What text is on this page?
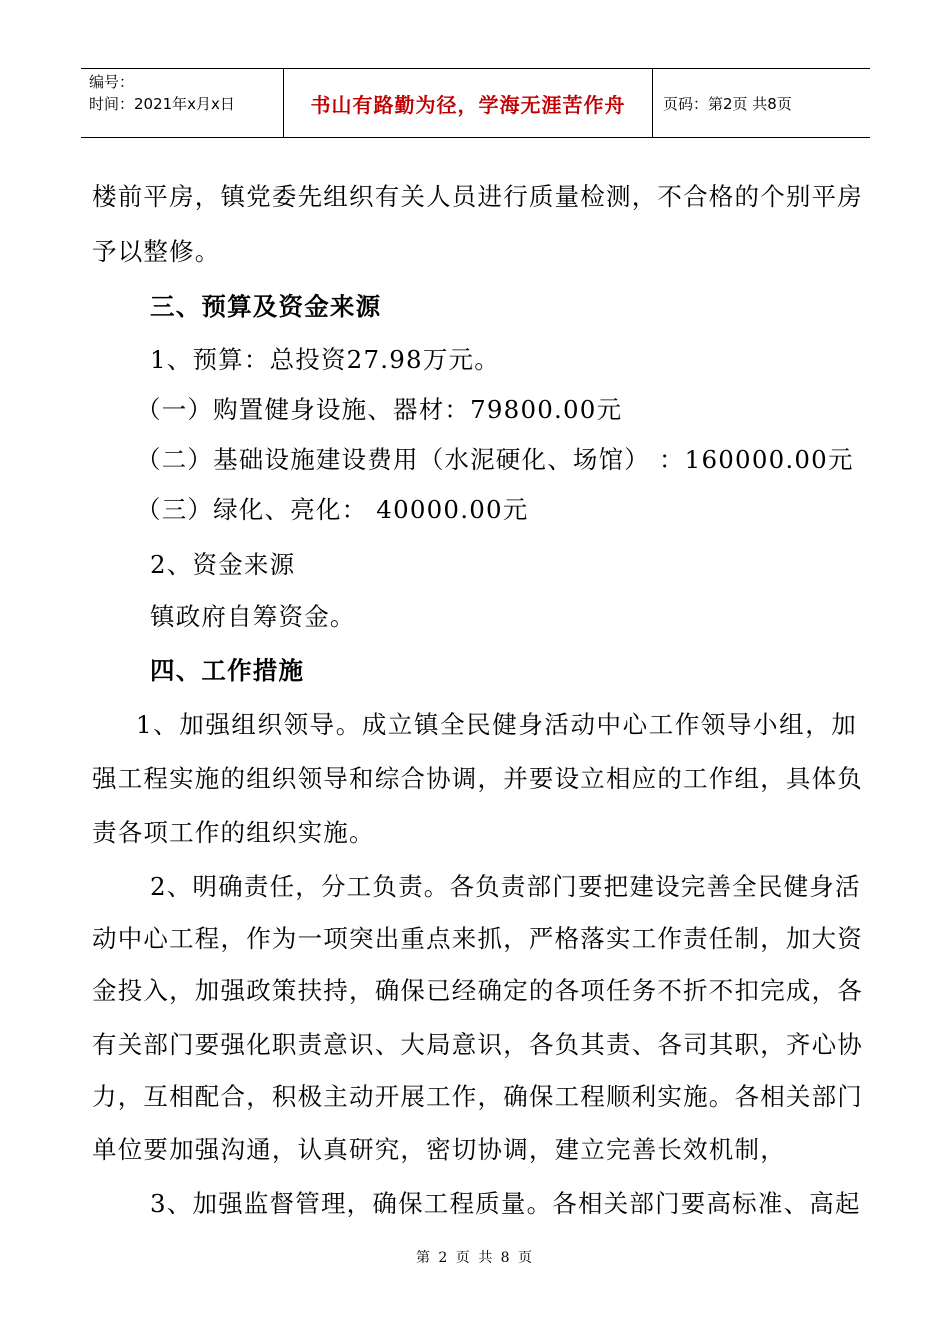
编号：
时间：2021年x月x日	书山有路勤为径，学海无涯苦作舟	页码：第2页 共8页
楼前平房，镇党委先组织有关人员进行质量检测，不合格的个别平房
予以整修。
三、预算及资金来源
1、预算：总投资27.98万元。
（一）购置健身设施、器材：79800.00元
（二）基础设施建设费用（水泥硬化、场馆） ：160000.00元
（三）绿化、亮化： 40000.00元
2、资金来源
镇政府自筹资金。
四、工作措施
1、加强组织领导。成立镇全民健身活动中心工作领导小组，加
强工程实施的组织领导和综合协调，并要设立相应的工作组，具体负
责各项工作的组织实施。
2、明确责任，分工负责。各负责部门要把建设完善全民健身活
动中心工程，作为一项突出重点来抓，严格落实工作责任制，加大资
金投入，加强政策扶持，确保已经确定的各项任务不折不扣完成，各
有关部门要强化职责意识、大局意识，各负其责、各司其职，齐心协
力，互相配合，积极主动开展工作，确保工程顺利实施。各相关部门
单位要加强沟通，认真研究，密切协调，建立完善长效机制，
3、加强监督管理，确保工程质量。各相关部门要高标准、高起
第 2 页 共 8 页
